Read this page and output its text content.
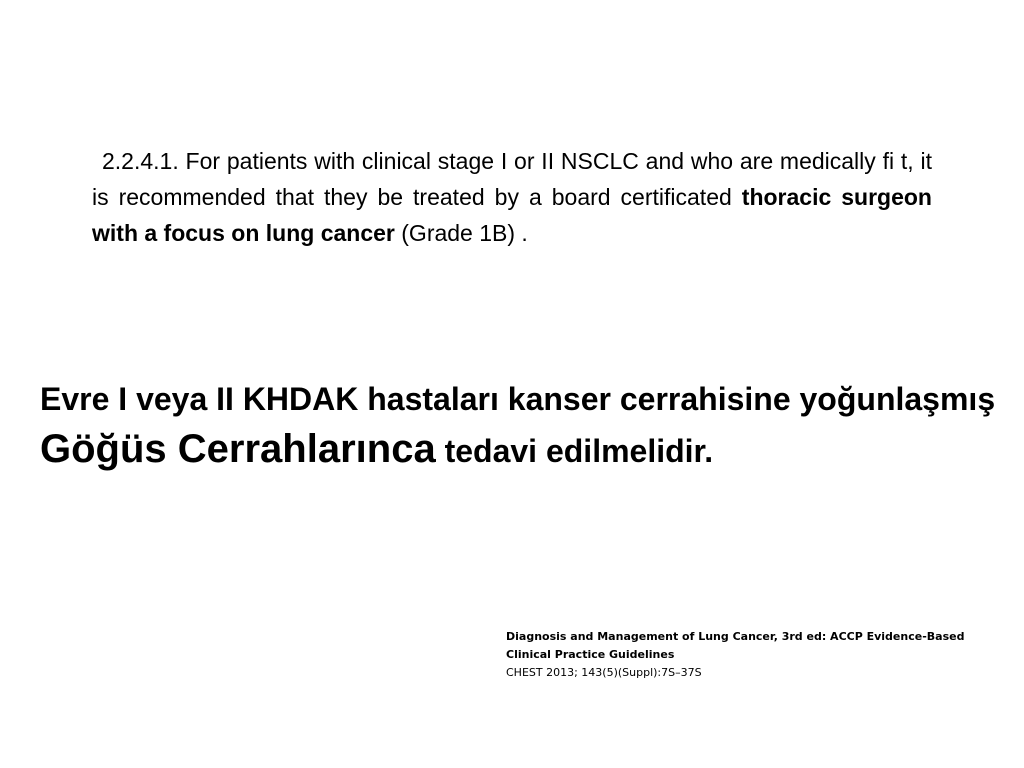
2.2.4.1. For patients with clinical stage I or II NSCLC and who are medically fi t, it is recommended that they be treated by a board certificated thoracic surgeon with a focus on lung cancer (Grade 1B) .

Evre I veya II KHDAK hastaları kanser cerrahisine yoğunlaşmış Göğüs Cerrahlarınca tedavi edilmelidir.

Diagnosis and Management of Lung Cancer, 3rd ed: ACCP Evidence-Based Clinical Practice Guidelines
CHEST 2013; 143(5)(Suppl):7S–37S
